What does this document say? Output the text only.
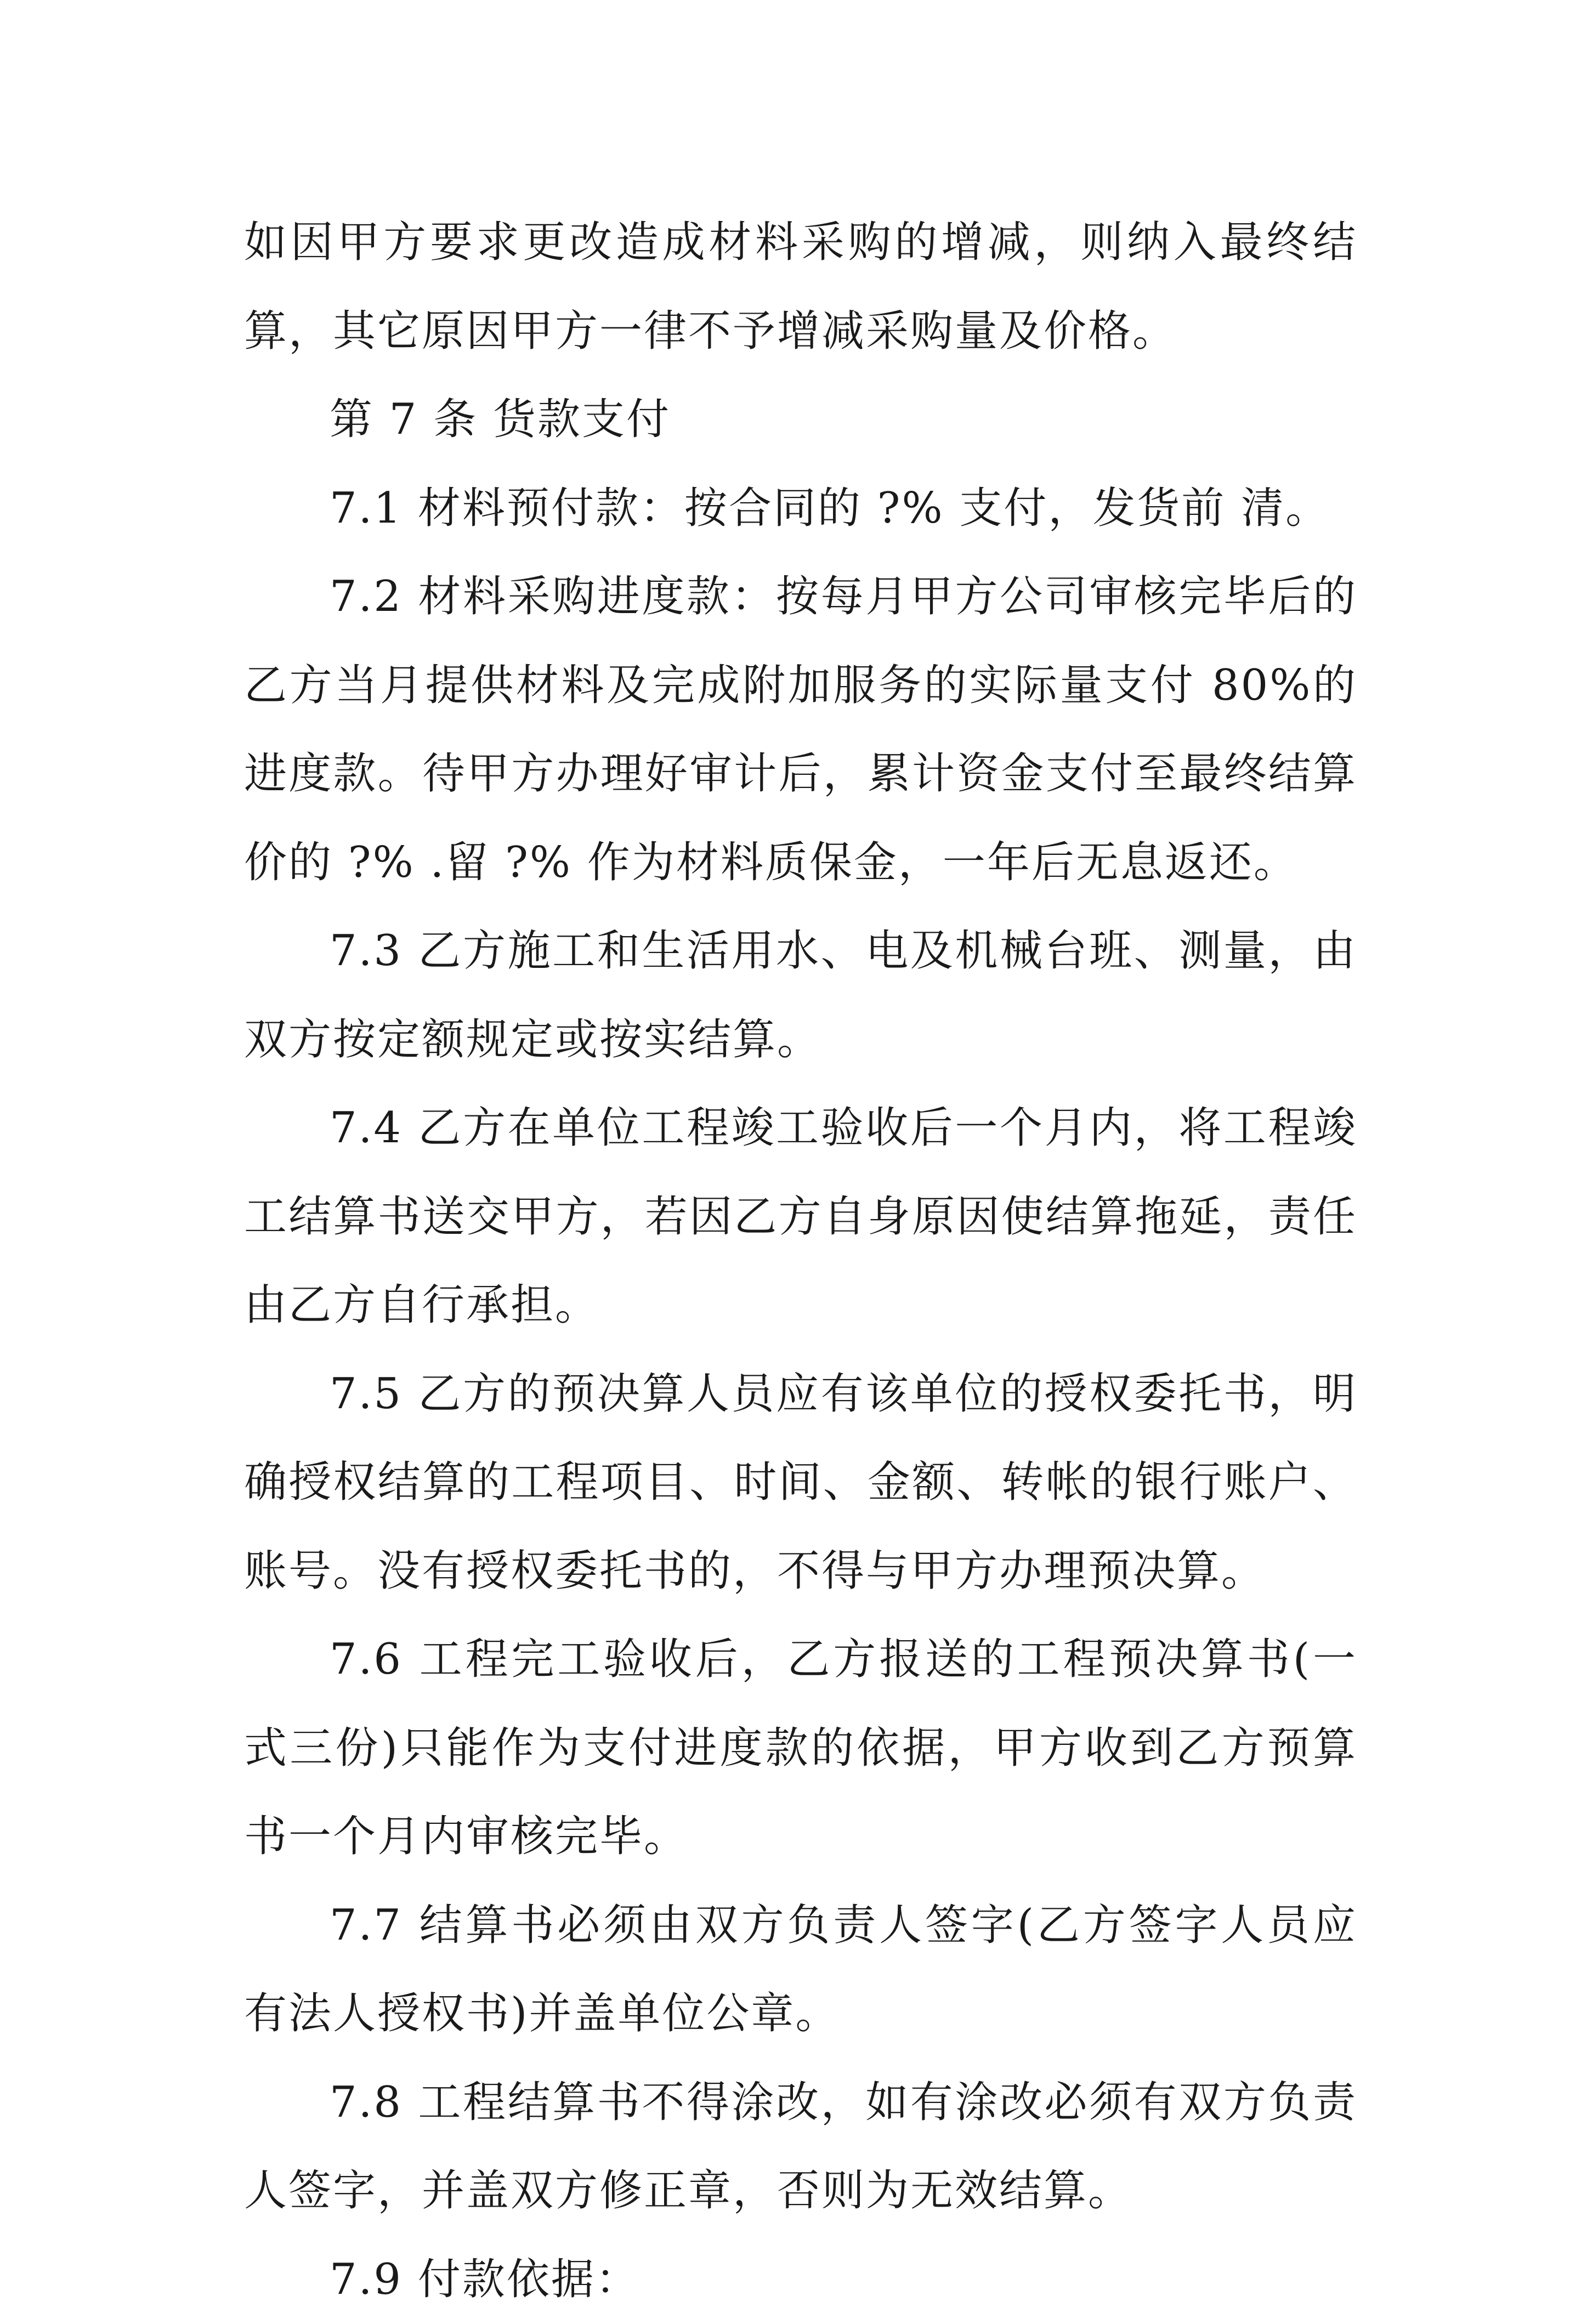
如因甲方要求更改造成材料采购的增减，则纳入最终结算，其它原因甲方一律不予增减采购量及价格。

第 7 条 货款支付

7.1 材料预付款：按合同的 ?% 支付，发货前 清。

7.2 材料采购进度款：按每月甲方公司审核完毕后的乙方当月提供材料及完成附加服务的实际量支付 80%的进度款。待甲方办理好审计后，累计资金支付至最终结算价的 ?% .留 ?% 作为材料质保金，一年后无息返还。

7.3 乙方施工和生活用水、电及机械台班、测量，由双方按定额规定或按实结算。

7.4 乙方在单位工程竣工验收后一个月内，将工程竣工结算书送交甲方，若因乙方自身原因使结算拖延，责任由乙方自行承担。

7.5 乙方的预决算人员应有该单位的授权委托书，明确授权结算的工程项目、时间、金额、转帐的银行账户、账号。没有授权委托书的，不得与甲方办理预决算。

7.6 工程完工验收后，乙方报送的工程预决算书(一式三份)只能作为支付进度款的依据，甲方收到乙方预算书一个月内审核完毕。

7.7 结算书必须由双方负责人签字(乙方签字人员应有法人授权书)并盖单位公章。

7.8 工程结算书不得涂改，如有涂改必须有双方负责人签字，并盖双方修正章，否则为无效结算。

7.9 付款依据：
